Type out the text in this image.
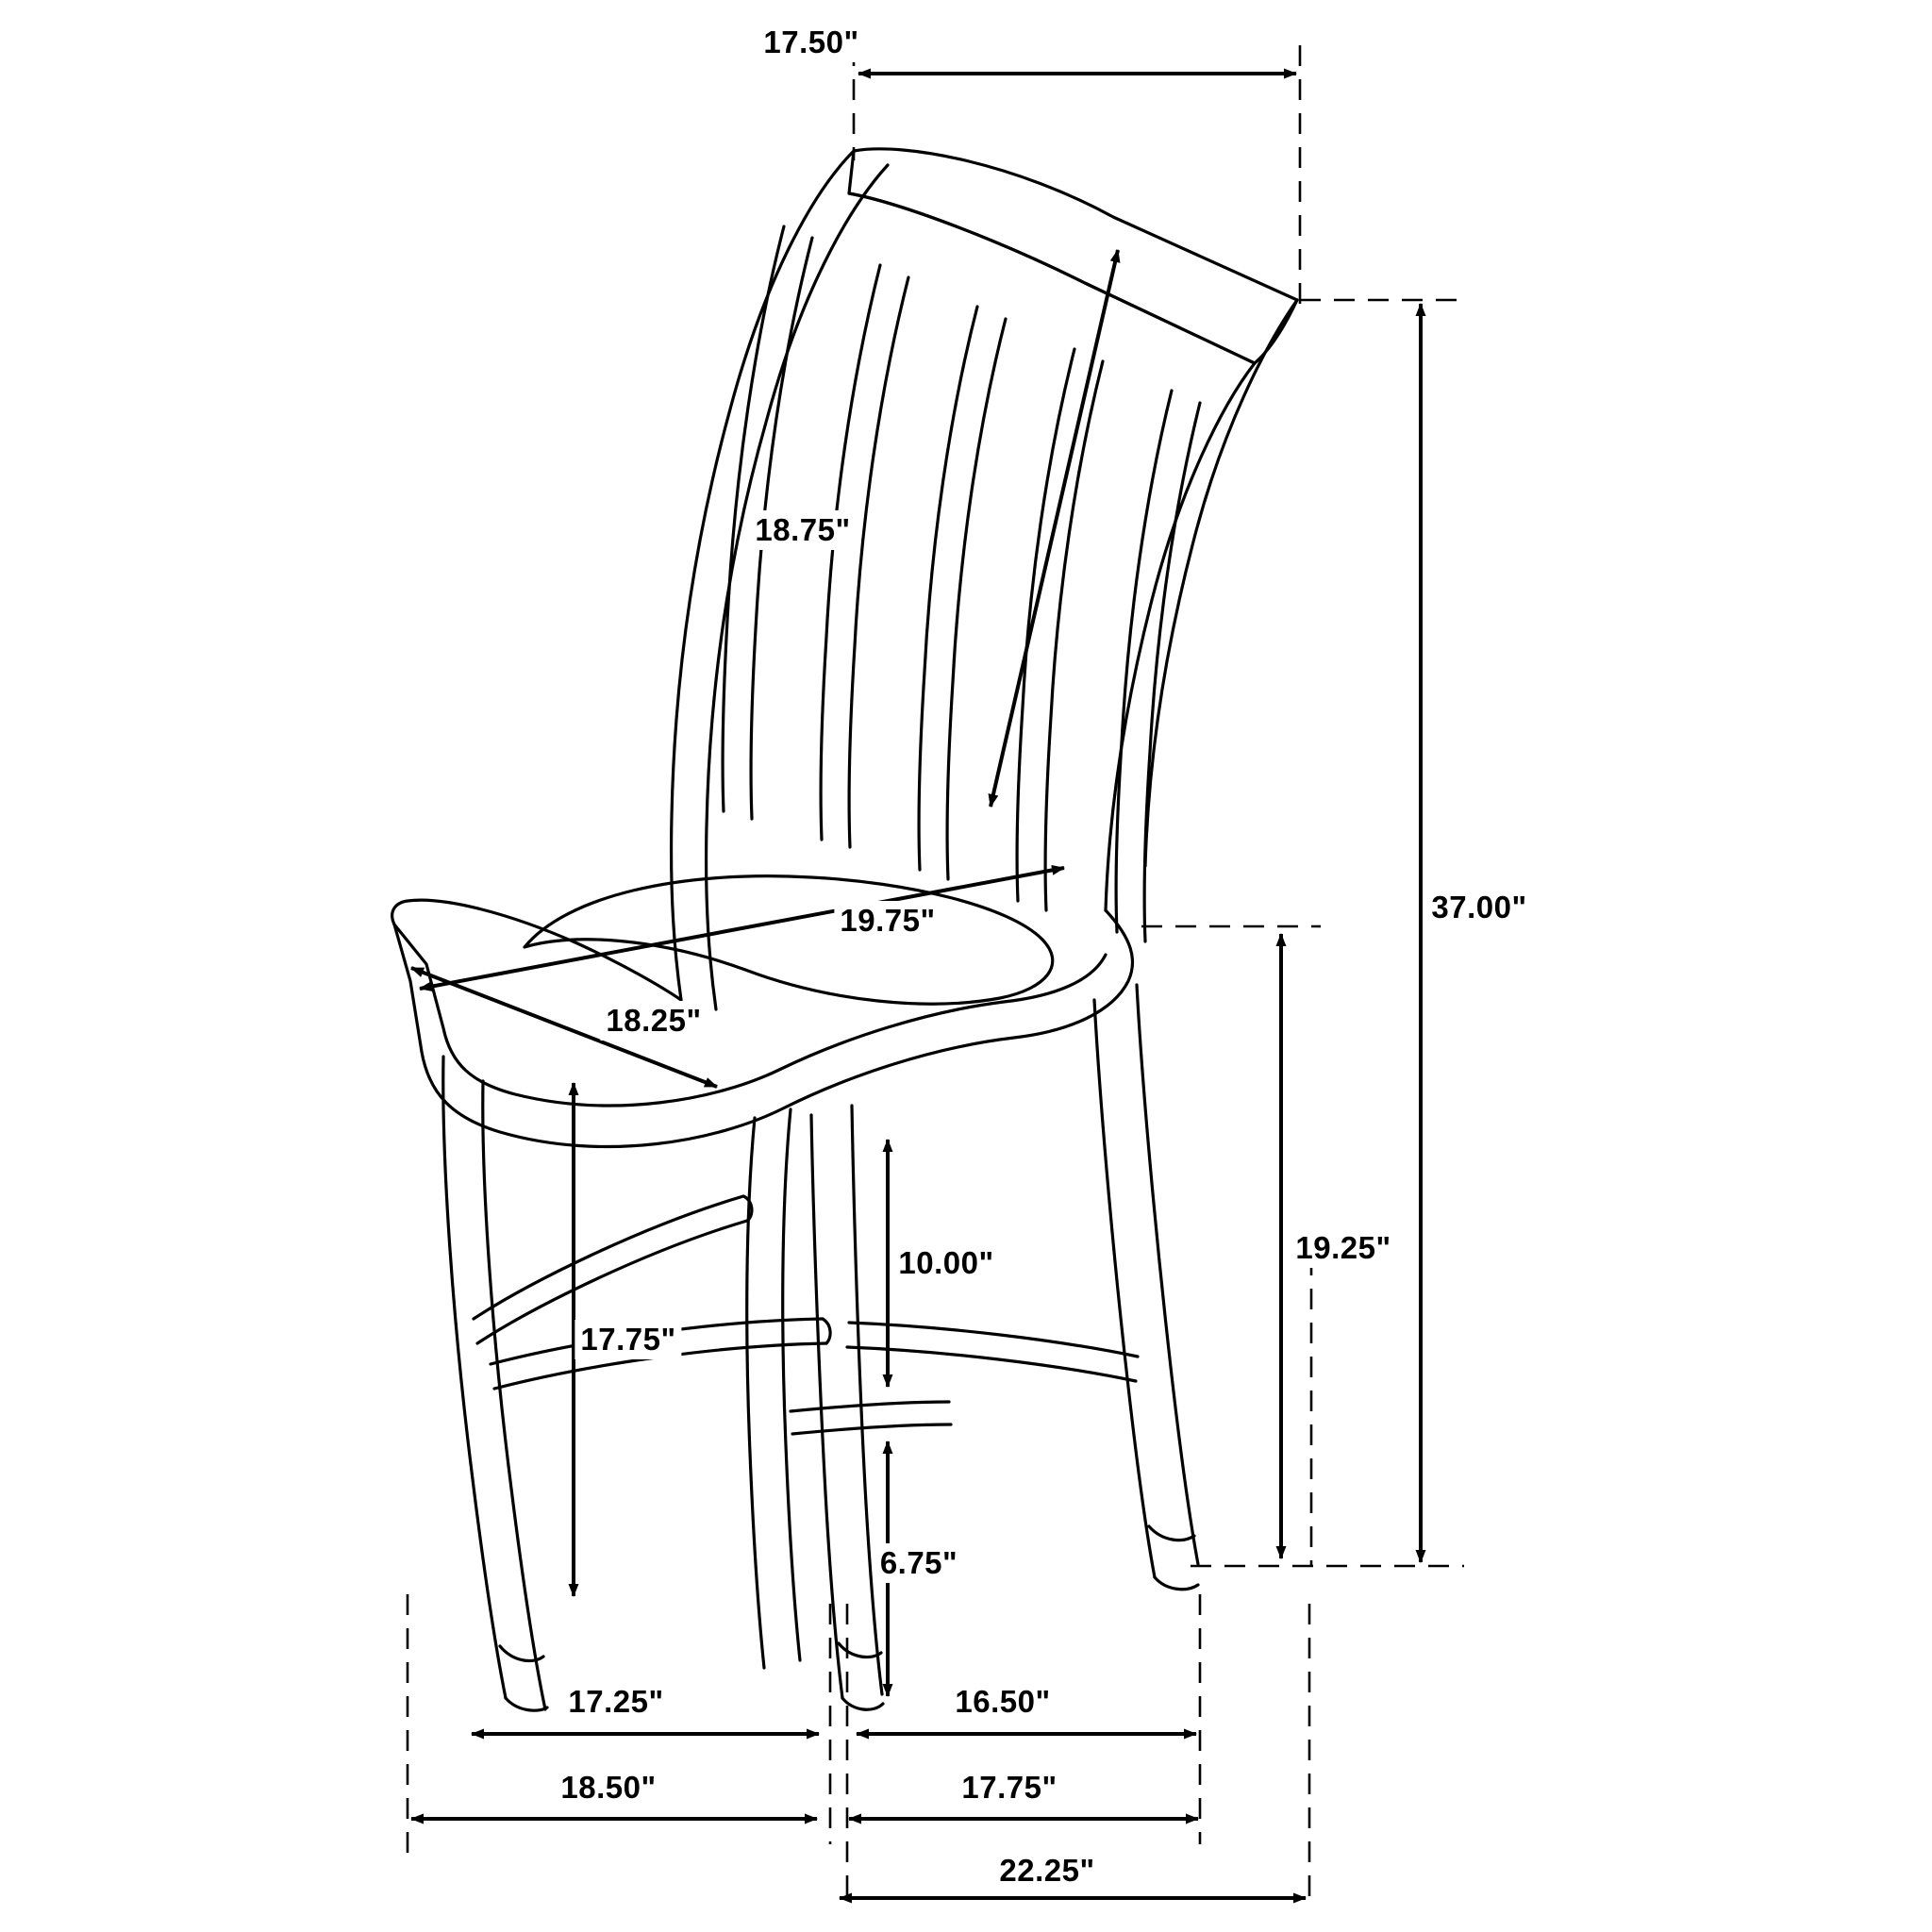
17.50"
18.75"
37.00"
19.75"
18.25"
19.25"
10.00"
17.75"
6.75"
17.25"	16.50"
18.50"	17.75"
22.25"
